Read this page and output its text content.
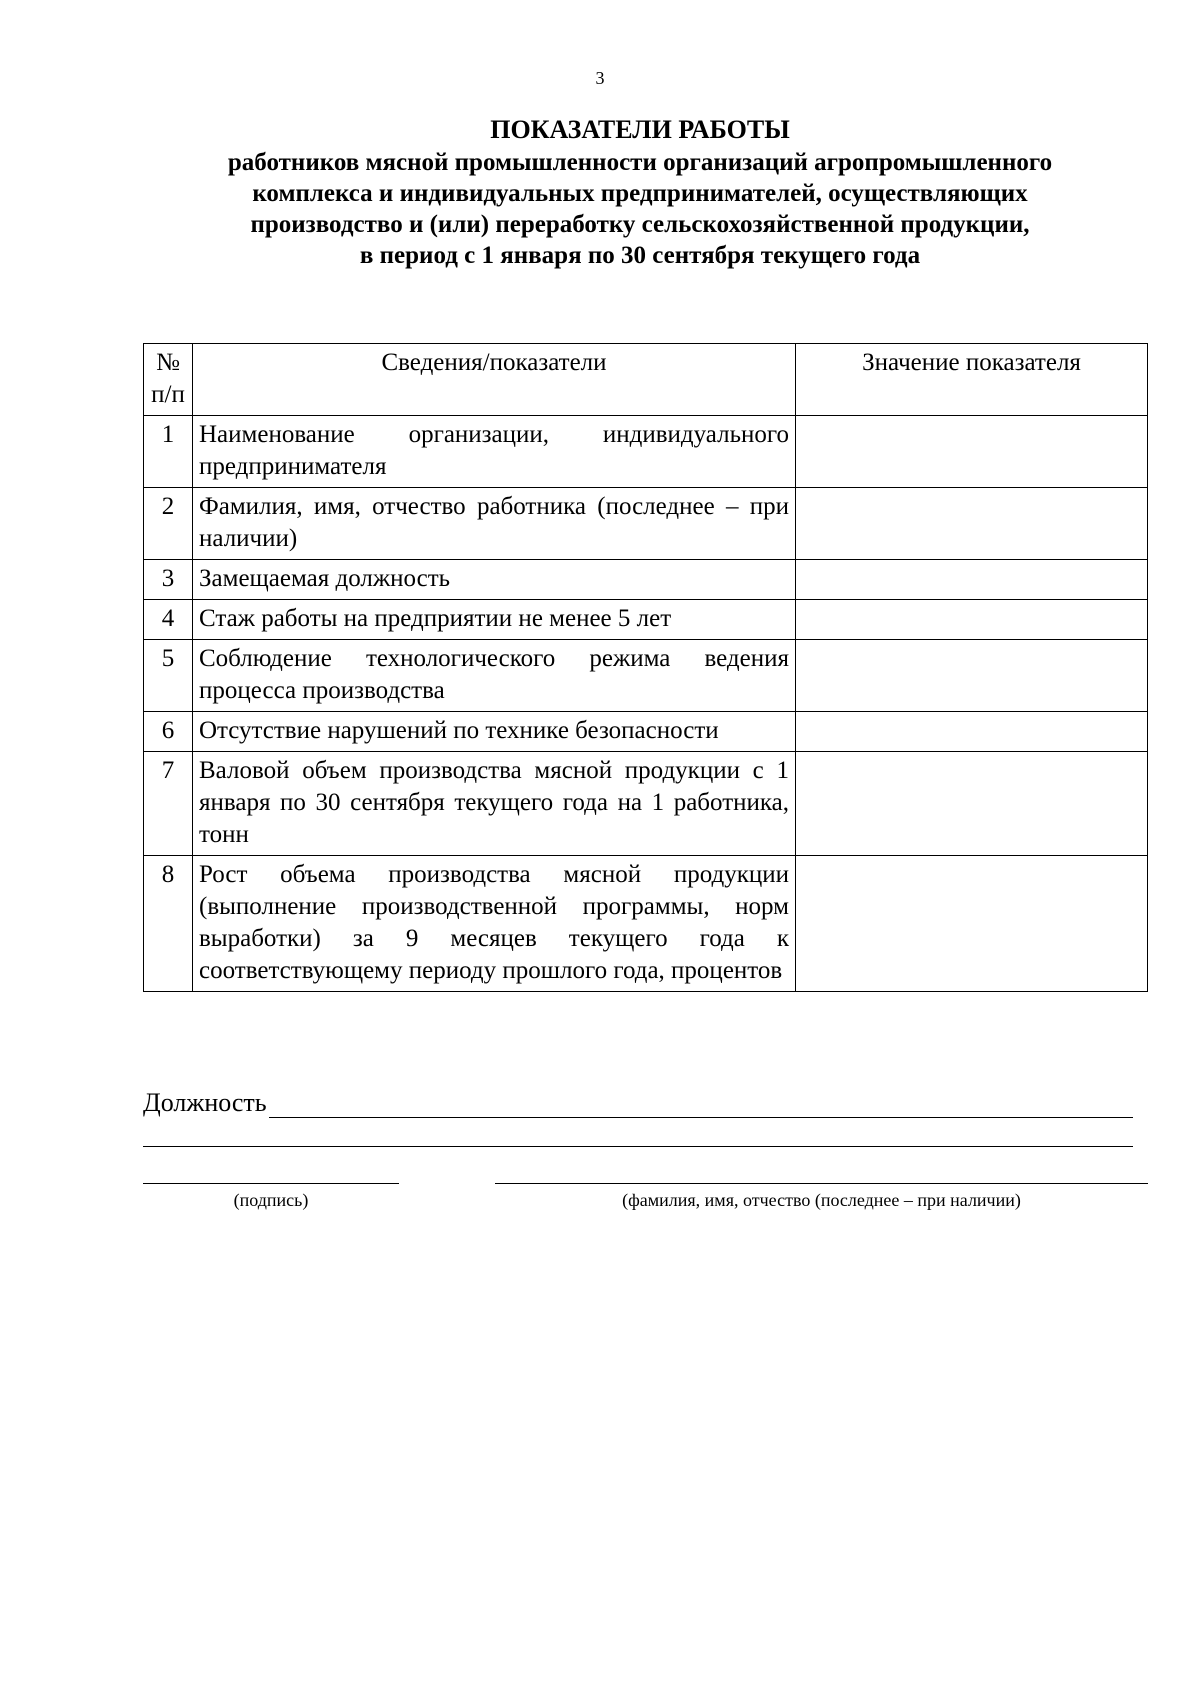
3
ПОКАЗАТЕЛИ РАБОТЫ
работников мясной промышленности организаций агропромышленного
комплекса и индивидуальных предпринимателей, осуществляющих
производство и (или) переработку сельскохозяйственной продукции,
в период с 1 января по 30 сентября текущего года
№ п/п	Сведения/показатели	Значение показателя
1	Наименование организации, индивидуального предпринимателя	
2	Фамилия, имя, отчество работника (последнее – при наличии)	
3	Замещаемая должность	
4	Стаж работы на предприятии не менее 5 лет	
5	Соблюдение технологического режима ведения процесса производства	
6	Отсутствие нарушений по технике безопасности	
7	Валовой объем производства мясной продукции с 1 января по 30 сентября текущего года на 1 работника, тонн	
8	Рост объема производства мясной продукции (выполнение производственной программы, норм выработки) за 9 месяцев текущего года к соответствующему периоду прошлого года, процентов	
Должность
(подпись)	(фамилия, имя, отчество (последнее – при наличии)
